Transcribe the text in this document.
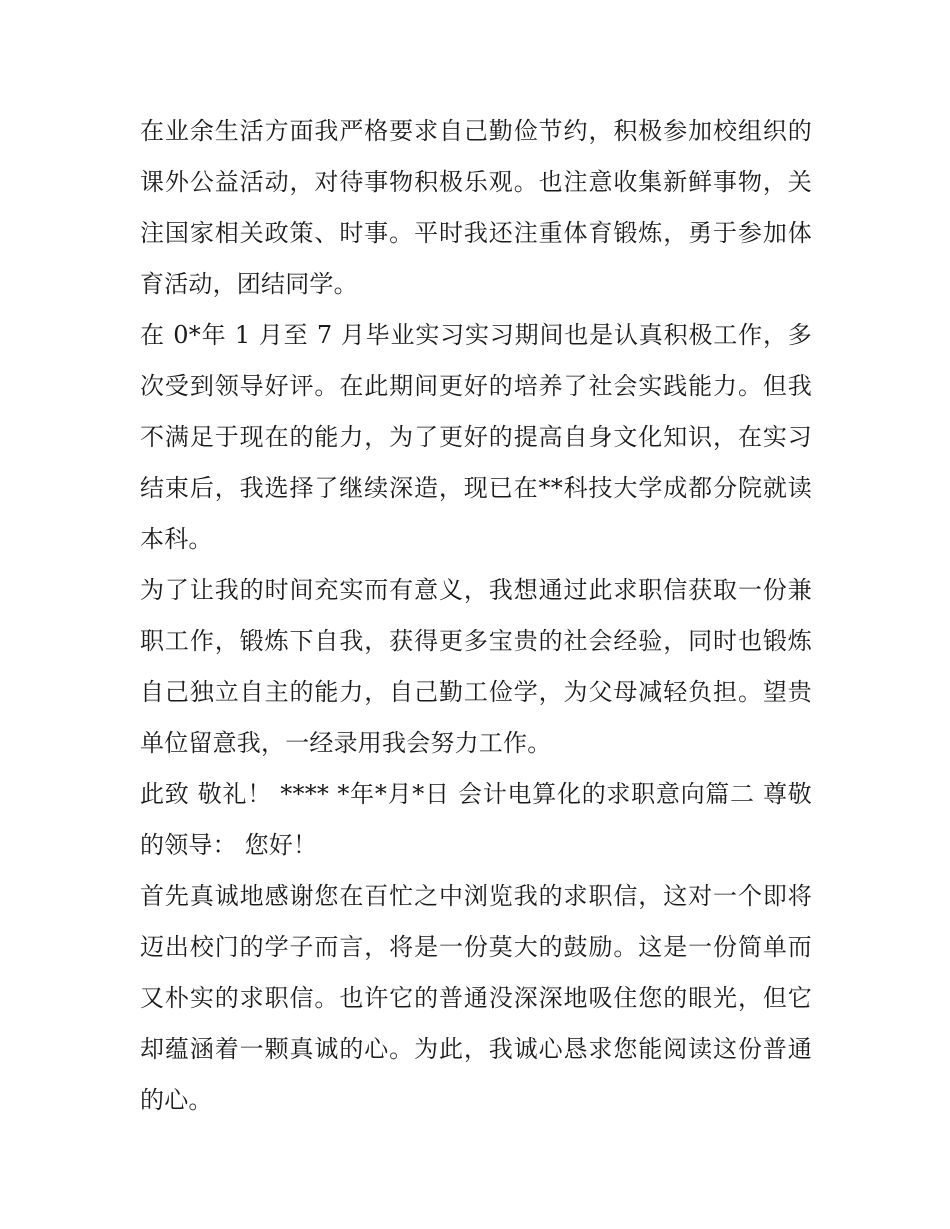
在业余生活方面我严格要求自己勤俭节约，积极参加校组织的课外公益活动，对待事物积极乐观。也注意收集新鲜事物，关注国家相关政策、时事。平时我还注重体育锻炼，勇于参加体育活动，团结同学。

在 0*年 1 月至 7 月毕业实习实习期间也是认真积极工作，多次受到领导好评。在此期间更好的培养了社会实践能力。但我不满足于现在的能力，为了更好的提高自身文化知识，在实习结束后，我选择了继续深造，现已在**科技大学成都分院就读本科。

为了让我的时间充实而有意义，我想通过此求职信获取一份兼职工作，锻炼下自我，获得更多宝贵的社会经验，同时也锻炼自己独立自主的能力，自己勤工俭学，为父母减轻负担。望贵单位留意我，一经录用我会努力工作。

此致 敬礼！ **** *年*月*日 会计电算化的求职意向篇二 尊敬的领导： 您好！

首先真诚地感谢您在百忙之中浏览我的求职信，这对一个即将迈出校门的学子而言，将是一份莫大的鼓励。这是一份简单而又朴实的求职信。也许它的普通没深深地吸住您的眼光，但它却蕴涵着一颗真诚的心。为此，我诚心恳求您能阅读这份普通的心。
